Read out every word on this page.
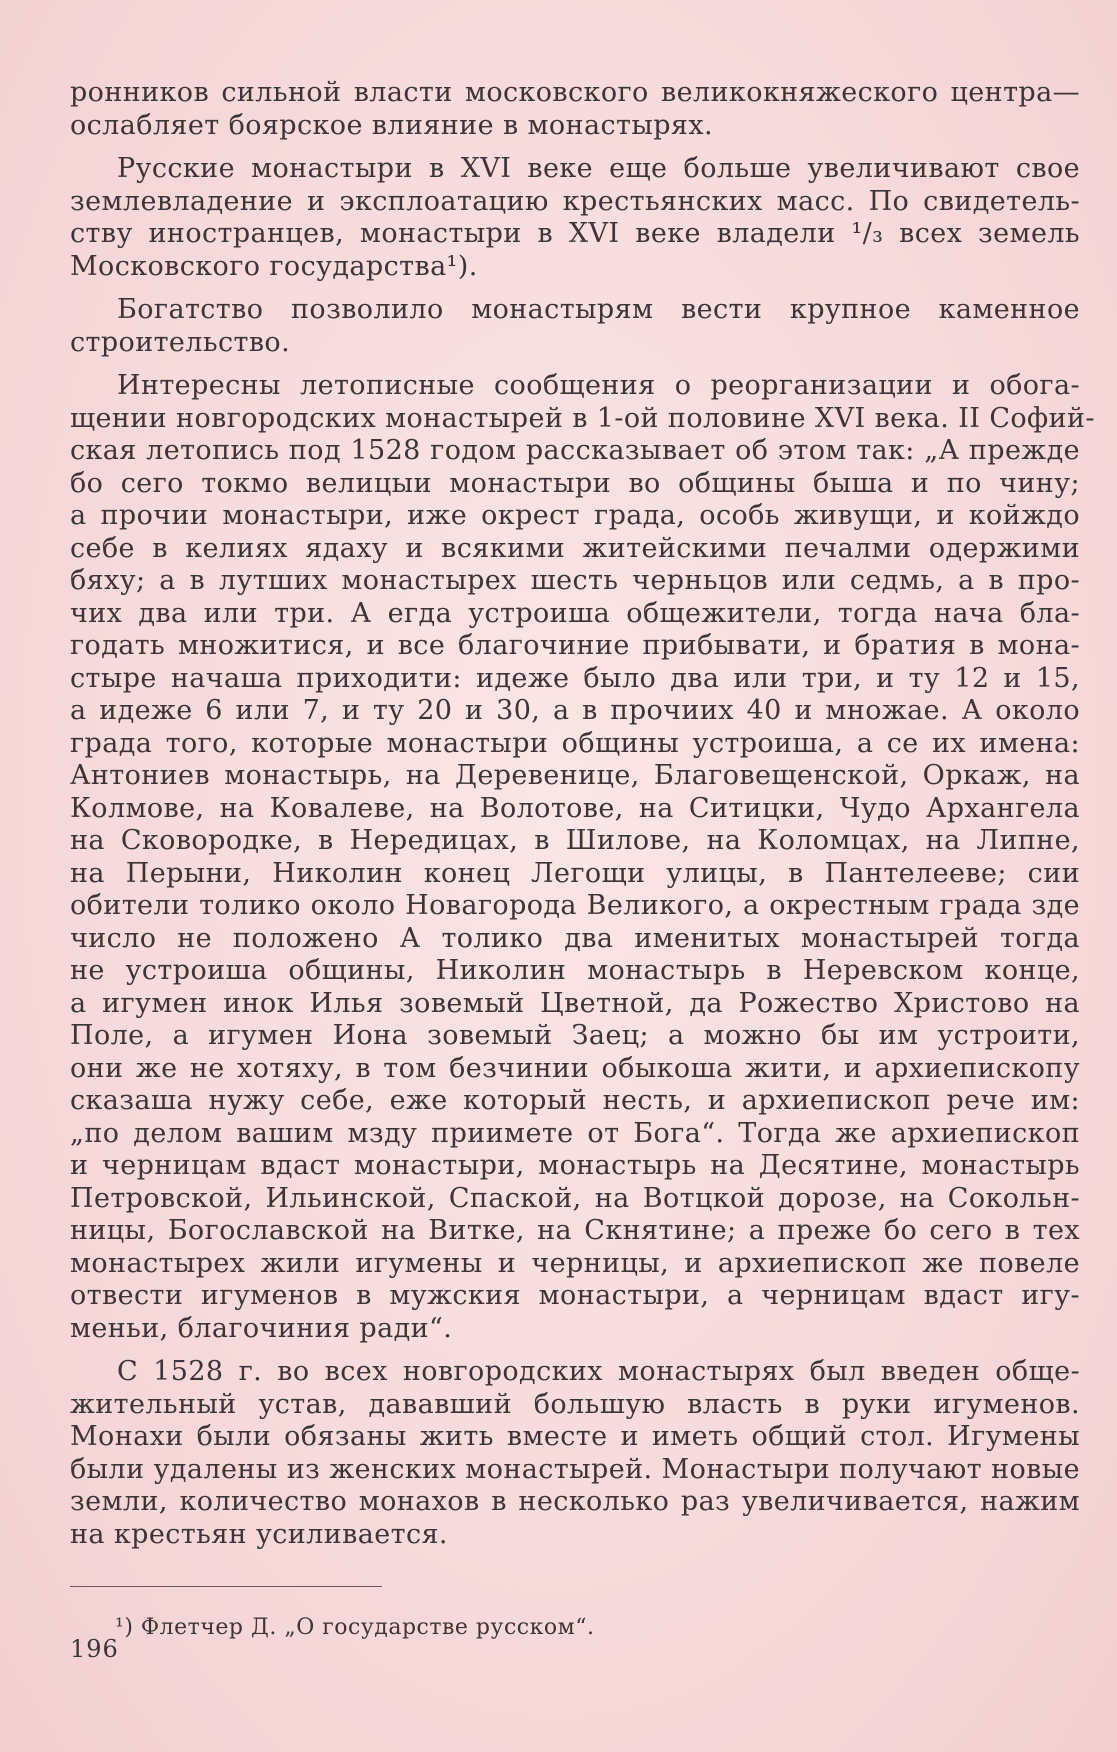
ронников сильной власти московского великокняжеского центра—
ослабляет боярское влияние в монастырях.

Русские монастыри в XVI веке еще больше увеличивают свое
землевладение и эксплоатацию крестьянских масс. По свидетель-
ству иностранцев, монастыри в XVI веке владели ¹/₃ всех земель
Московского государства¹).

Богатство позволило монастырям вести крупное каменное
строительство.

Интересны летописные сообщения о реорганизации и обога-
щении новгородских монастырей в 1-ой половине XVI века. II Софий-
ская летопись под 1528 годом рассказывает об этом так: „А прежде
бо сего токмо велицыи монастыри во общины быша и по чину;
а прочии монастыри, иже окрест града, особь живущи, и койждо
себе в келиях ядаху и всякими житейскими печалми одержими
бяху; а в лутших монастырех шесть черньцов или седмь, а в про-
чих два или три. А егда устроиша общежители, тогда нача бла-
годать множитися, и все благочиние прибывати, и братия в мона-
стыре начаша приходити: идеже было два или три, и ту 12 и 15,
а идеже 6 или 7, и ту 20 и 30, а в прочиих 40 и множае. А около
града того, которые монастыри общины устроиша, а се их имена:
Антониев монастырь, на Деревенице, Благовещенской, Оркаж, на
Колмове, на Ковалеве, на Волотове, на Ситицки, Чудо Архангела
на Сковородке, в Нередицах, в Шилове, на Коломцах, на Липне,
на Перыни, Николин конец Легощи улицы, в Пантелееве; сии
обители толико около Новагорода Великого, а окрестным града зде
число не положено А толико два именитых монастырей тогда
не устроиша общины, Николин монастырь в Неревском конце,
а игумен инок Илья зовемый Цветной, да Рожество Христово на
Поле, а игумен Иона зовемый Заец; а можно бы им устроити,
они же не хотяху, в том безчинии обыкоша жити, и архиепископу
сказаша нужу себе, еже который несть, и архиепископ рече им:
„по делом вашим мзду приимете от Бога“. Тогда же архиепископ
и черницам вдаст монастыри, монастырь на Десятине, монастырь
Петровской, Ильинской, Спаской, на Вотцкой дорозе, на Сокольн-
ницы, Богославской на Витке, на Скнятине; а преже бо сего в тех
монастырех жили игумены и черницы, и архиепископ же повеле
отвести игуменов в мужския монастыри, а черницам вдаст игу-
меньи, благочиния ради“.

С 1528 г. во всех новгородских монастырях был введен обще-
жительный устав, дававший большую власть в руки игуменов.
Монахи были обязаны жить вместе и иметь общий стол. Игумены
были удалены из женских монастырей. Монастыри получают новые
земли, количество монахов в несколько раз увеличивается, нажим
на крестьян усиливается.

¹) Флетчер Д. „О государстве русском“.
196
